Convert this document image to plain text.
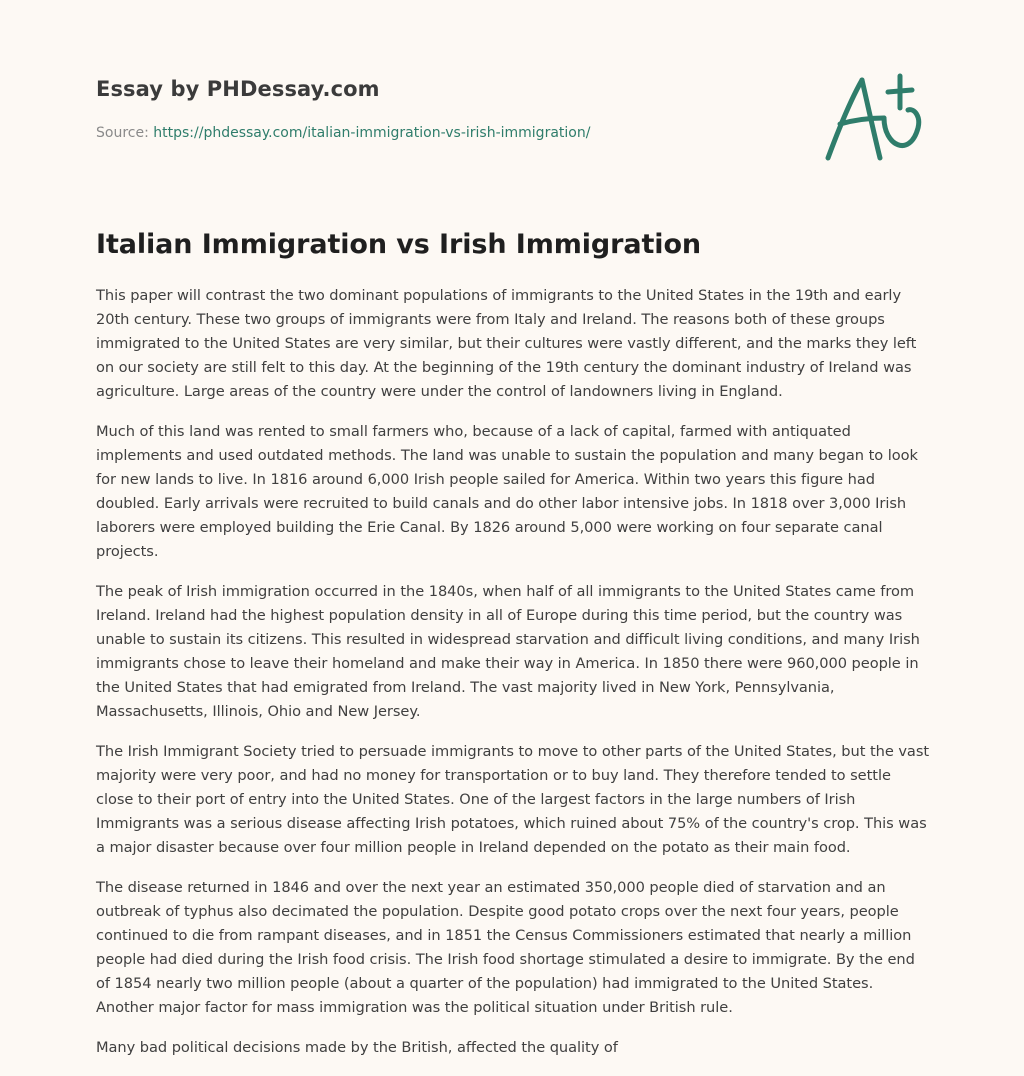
Essay by PHDessay.com
Source: https://phdessay.com/italian-immigration-vs-irish-immigration/
Italian Immigration vs Irish Immigration

This paper will contrast the two dominant populations of immigrants to the United States in the 19th and early 20th century. These two groups of immigrants were from Italy and Ireland. The reasons both of these groups immigrated to the United States are very similar, but their cultures were vastly different, and the marks they left on our society are still felt to this day. At the beginning of the 19th century the dominant industry of Ireland was agriculture. Large areas of the country were under the control of landowners living in England.

Much of this land was rented to small farmers who, because of a lack of capital, farmed with antiquated implements and used outdated methods. The land was unable to sustain the population and many began to look for new lands to live. In 1816 around 6,000 Irish people sailed for America. Within two years this figure had doubled. Early arrivals were recruited to build canals and do other labor intensive jobs. In 1818 over 3,000 Irish laborers were employed building the Erie Canal. By 1826 around 5,000 were working on four separate canal projects.

The peak of Irish immigration occurred in the 1840s, when half of all immigrants to the United States came from Ireland. Ireland had the highest population density in all of Europe during this time period, but the country was unable to sustain its citizens. This resulted in widespread starvation and difficult living conditions, and many Irish immigrants chose to leave their homeland and make their way in America. In 1850 there were 960,000 people in the United States that had emigrated from Ireland. The vast majority lived in New York, Pennsylvania, Massachusetts, Illinois, Ohio and New Jersey.

The Irish Immigrant Society tried to persuade immigrants to move to other parts of the United States, but the vast majority were very poor, and had no money for transportation or to buy land. They therefore tended to settle close to their port of entry into the United States. One of the largest factors in the large numbers of Irish Immigrants was a serious disease affecting Irish potatoes, which ruined about 75% of the country's crop. This was a major disaster because over four million people in Ireland depended on the potato as their main food.

The disease returned in 1846 and over the next year an estimated 350,000 people died of starvation and an outbreak of typhus also decimated the population. Despite good potato crops over the next four years, people continued to die from rampant diseases, and in 1851 the Census Commissioners estimated that nearly a million people had died during the Irish food crisis. The Irish food shortage stimulated a desire to immigrate. By the end of 1854 nearly two million people (about a quarter of the population) had immigrated to the United States. Another major factor for mass immigration was the political situation under British rule.

Many bad political decisions made by the British, affected the quality of
